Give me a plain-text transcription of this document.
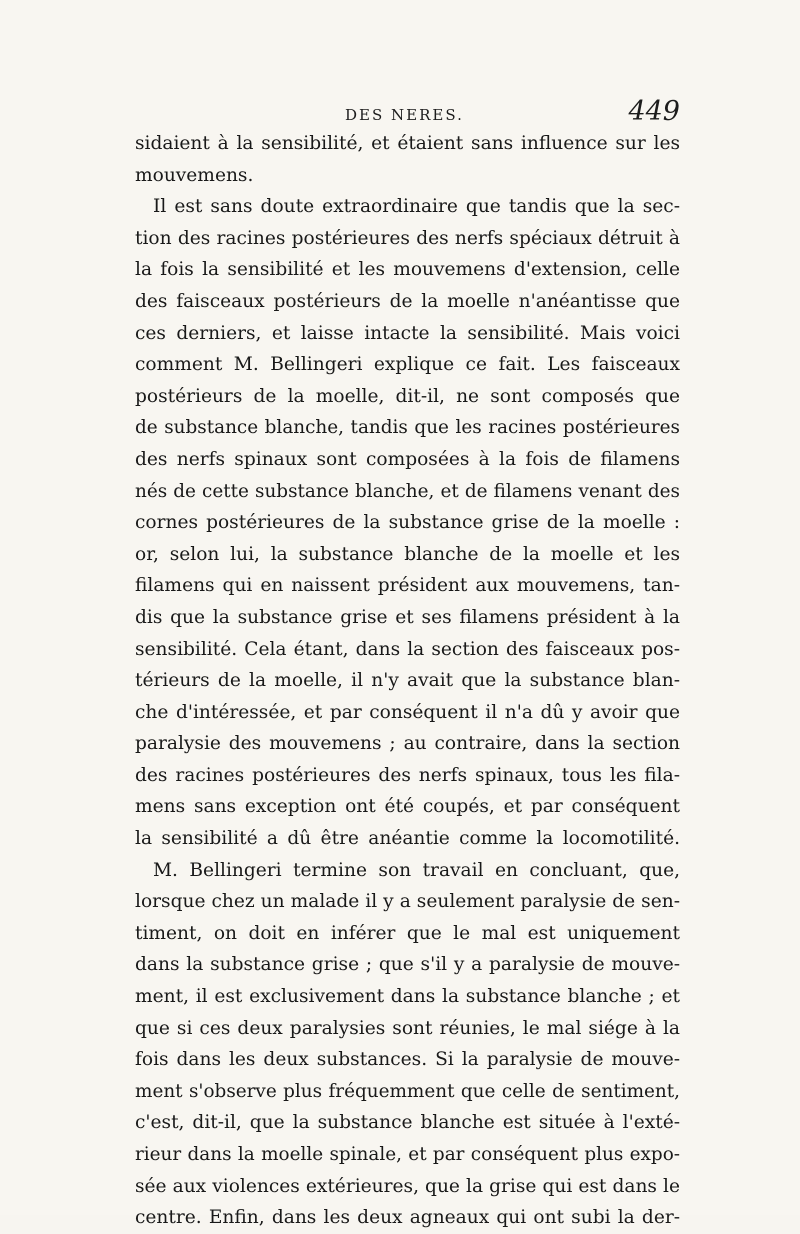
DES NERES.	449
sidaient à la sensibilité, et étaient sans influence sur les
mouvemens.
Il est sans doute extraordinaire que tandis que la sec-
tion des racines postérieures des nerfs spéciaux détruit à
la fois la sensibilité et les mouvemens d'extension, celle
des faisceaux postérieurs de la moelle n'anéantisse que
ces derniers, et laisse intacte la sensibilité. Mais voici
comment M. Bellingeri explique ce fait. Les faisceaux
postérieurs de la moelle, dit-il, ne sont composés que
de substance blanche, tandis que les racines postérieures
des nerfs spinaux sont composées à la fois de filamens
nés de cette substance blanche, et de filamens venant des
cornes postérieures de la substance grise de la moelle :
or, selon lui, la substance blanche de la moelle et les
filamens qui en naissent président aux mouvemens, tan-
dis que la substance grise et ses filamens président à la
sensibilité. Cela étant, dans la section des faisceaux pos-
térieurs de la moelle, il n'y avait que la substance blan-
che d'intéressée, et par conséquent il n'a dû y avoir que
paralysie des mouvemens ; au contraire, dans la section
des racines postérieures des nerfs spinaux, tous les fila-
mens sans exception ont été coupés, et par conséquent
la sensibilité a dû être anéantie comme la locomotilité.
M. Bellingeri termine son travail en concluant, que,
lorsque chez un malade il y a seulement paralysie de sen-
timent, on doit en inférer que le mal est uniquement
dans la substance grise ; que s'il y a paralysie de mouve-
ment, il est exclusivement dans la substance blanche ; et
que si ces deux paralysies sont réunies, le mal siége à la
fois dans les deux substances. Si la paralysie de mouve-
ment s'observe plus fréquemment que celle de sentiment,
c'est, dit-il, que la substance blanche est située à l'exté-
rieur dans la moelle spinale, et par conséquent plus expo-
sée aux violences extérieures, que la grise qui est dans le
centre. Enfin, dans les deux agneaux qui ont subi la der-
